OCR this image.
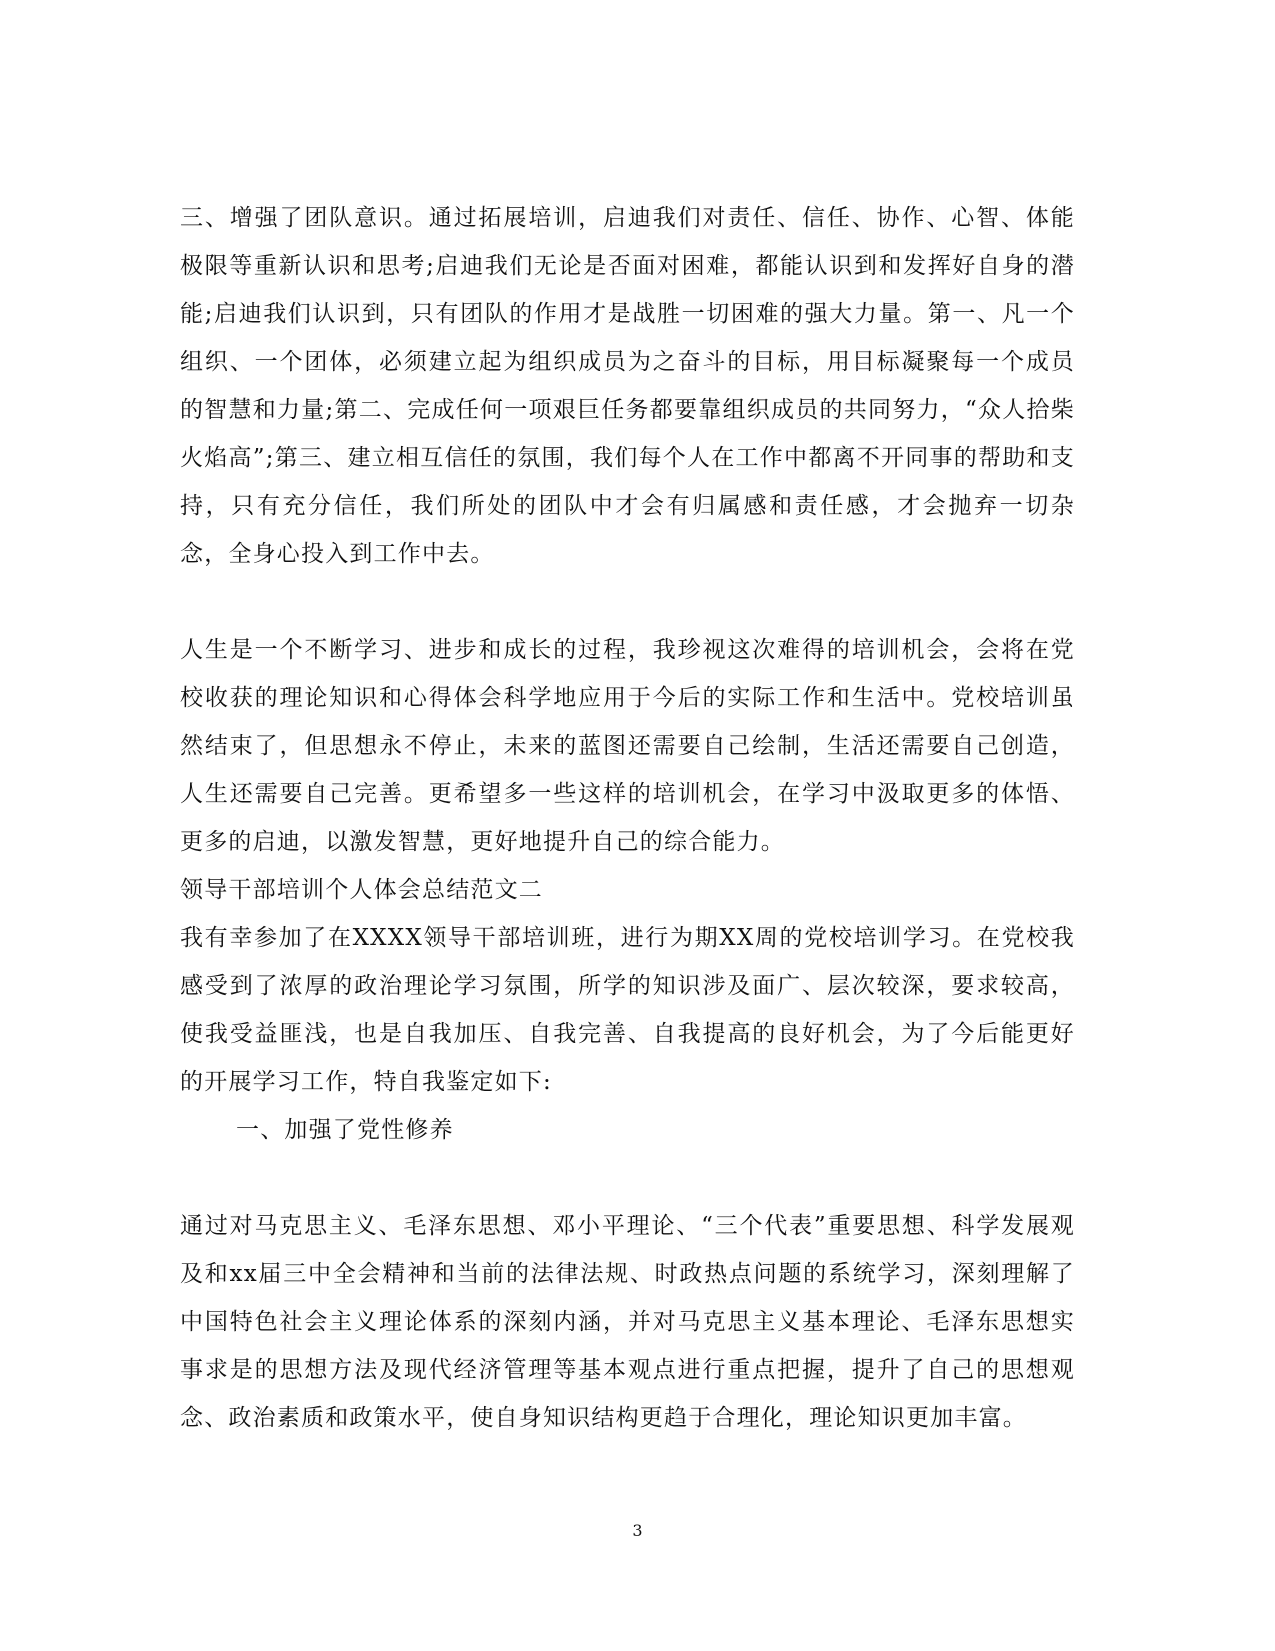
三、增强了团队意识。通过拓展培训，启迪我们对责任、信任、协作、心智、体能极限等重新认识和思考;启迪我们无论是否面对困难，都能认识到和发挥好自身的潜能;启迪我们认识到，只有团队的作用才是战胜一切困难的强大力量。第一、凡一个组织、一个团体，必须建立起为组织成员为之奋斗的目标，用目标凝聚每一个成员的智慧和力量;第二、完成任何一项艰巨任务都要靠组织成员的共同努力，“众人拾柴火焰高”;第三、建立相互信任的氛围，我们每个人在工作中都离不开同事的帮助和支持，只有充分信任，我们所处的团队中才会有归属感和责任感，才会抛弃一切杂念，全身心投入到工作中去。

人生是一个不断学习、进步和成长的过程，我珍视这次难得的培训机会，会将在党校收获的理论知识和心得体会科学地应用于今后的实际工作和生活中。党校培训虽然结束了，但思想永不停止，未来的蓝图还需要自己绘制，生活还需要自己创造，人生还需要自己完善。更希望多一些这样的培训机会，在学习中汲取更多的体悟、更多的启迪，以激发智慧，更好地提升自己的综合能力。

领导干部培训个人体会总结范文二

我有幸参加了在XXXX领导干部培训班，进行为期XX周的党校培训学习。在党校我感受到了浓厚的政治理论学习氛围，所学的知识涉及面广、层次较深，要求较高，使我受益匪浅，也是自我加压、自我完善、自我提高的良好机会，为了今后能更好的开展学习工作，特自我鉴定如下:

一、加强了党性修养

通过对马克思主义、毛泽东思想、邓小平理论、“三个代表”重要思想、科学发展观及和xx届三中全会精神和当前的法律法规、时政热点问题的系统学习，深刻理解了中国特色社会主义理论体系的深刻内涵，并对马克思主义基本理论、毛泽东思想实事求是的思想方法及现代经济管理等基本观点进行重点把握，提升了自己的思想观念、政治素质和政策水平，使自身知识结构更趋于合理化，理论知识更加丰富。

3
